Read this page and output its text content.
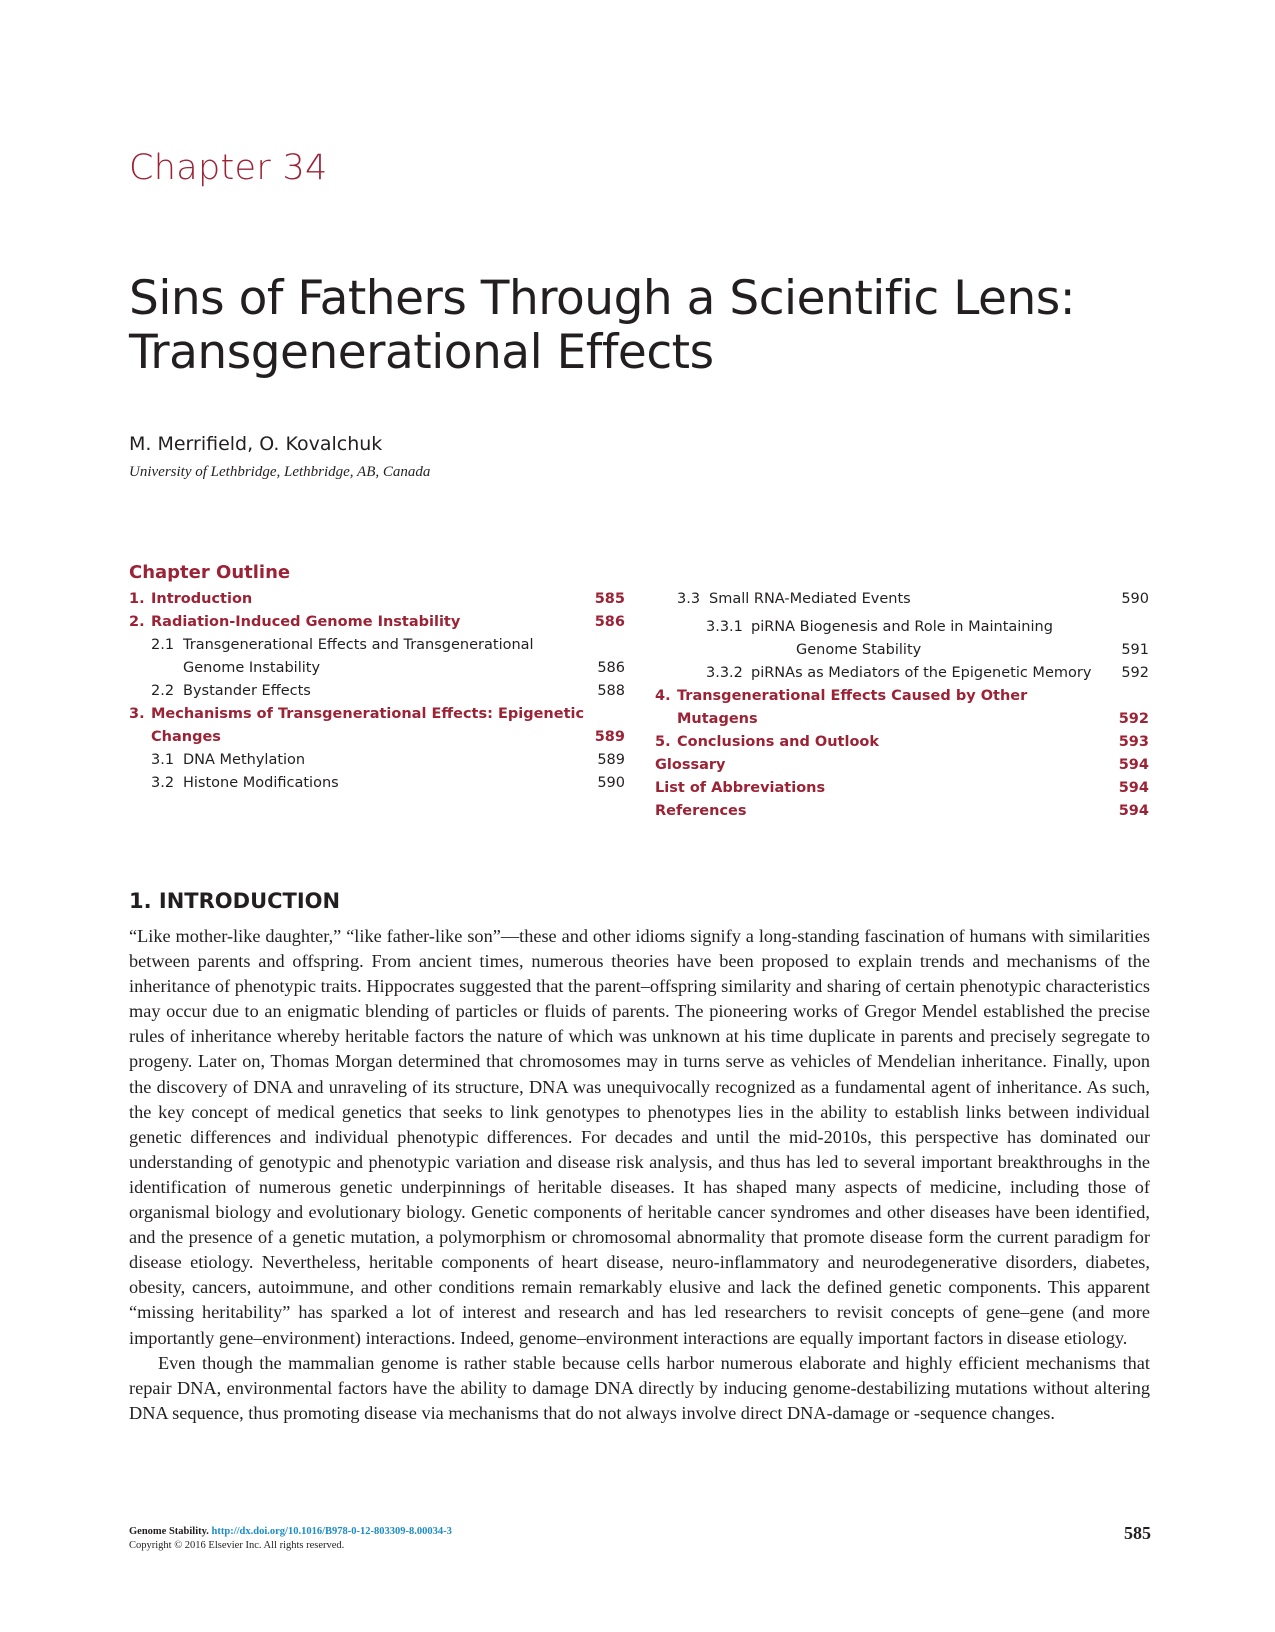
Chapter 34
Sins of Fathers Through a Scientific Lens:
Transgenerational Effects

M. Merrifield, O. Kovalchuk

University of Lethbridge, Lethbridge, AB, Canada

Chapter Outline
1. Introduction	585
2. Radiation-Induced Genome Instability	586
2.1 Transgenerational Effects and Transgenerational
Genome Instability	586
2.2 Bystander Effects	588
3. Mechanisms of Transgenerational Effects: Epigenetic
Changes	589
3.1 DNA Methylation	589
3.2 Histone Modifications	590
3.3 Small RNA-Mediated Events	590
3.3.1 piRNA Biogenesis and Role in Maintaining
Genome Stability	591
3.3.2 piRNAs as Mediators of the Epigenetic Memory 592
4. Transgenerational Effects Caused by Other Mutagens	592
5. Conclusions and Outlook	593
Glossary	594
List of Abbreviations	594
References	594
1. INTRODUCTION

“Like mother-like daughter,” “like father-like son”—these and other idioms signify a long-standing fascination of humans with similarities between parents and offspring. From ancient times, numerous theories have been proposed to explain trends and mechanisms of the inheritance of phenotypic traits. Hippocrates suggested that the parent–offspring similarity and sharing of certain phenotypic characteristics may occur due to an enigmatic blending of particles or fluids of parents. The pioneering works of Gregor Mendel established the precise rules of inheritance whereby heritable factors the nature of which was unknown at his time duplicate in parents and precisely segregate to progeny. Later on, Thomas Morgan determined that chromosomes may in turns serve as vehicles of Mendelian inheritance. Finally, upon the discovery of DNA and unraveling of its structure, DNA was unequivocally recognized as a fundamental agent of inheritance. As such, the key concept of medical genetics that seeks to link genotypes to phenotypes lies in the ability to establish links between individual genetic differences and individual phenotypic differences. For decades and until the mid-2010s, this perspective has dominated our understanding of genotypic and phenotypic variation and disease risk analysis, and thus has led to several important breakthroughs in the identification of numerous genetic underpinnings of heritable diseases. It has shaped many aspects of medicine, including those of organismal biology and evolutionary biology. Genetic components of heritable cancer syndromes and other diseases have been identified, and the presence of a genetic mutation, a polymorphism or chromosomal abnormality that promote disease form the current paradigm for disease etiology. Nevertheless, heritable components of heart disease, neuro-inflammatory and neurodegenerative disorders, diabetes, obesity, cancers, autoimmune, and other conditions remain remarkably elusive and lack the defined genetic components. This apparent “missing heritability” has sparked a lot of interest and research and has led researchers to revisit concepts of gene–gene (and more importantly gene–environment) interactions. Indeed, genome–environment interactions are equally important factors in disease etiology.

Even though the mammalian genome is rather stable because cells harbor numerous elaborate and highly efficient mechanisms that repair DNA, environmental factors have the ability to damage DNA directly by inducing genome-destabilizing mutations without altering DNA sequence, thus promoting disease via mechanisms that do not always involve direct DNA-damage or -sequence changes.

Genome Stability. http://dx.doi.org/10.1016/B978-0-12-803309-8.00034-3
Copyright © 2016 Elsevier Inc. All rights reserved.
585
